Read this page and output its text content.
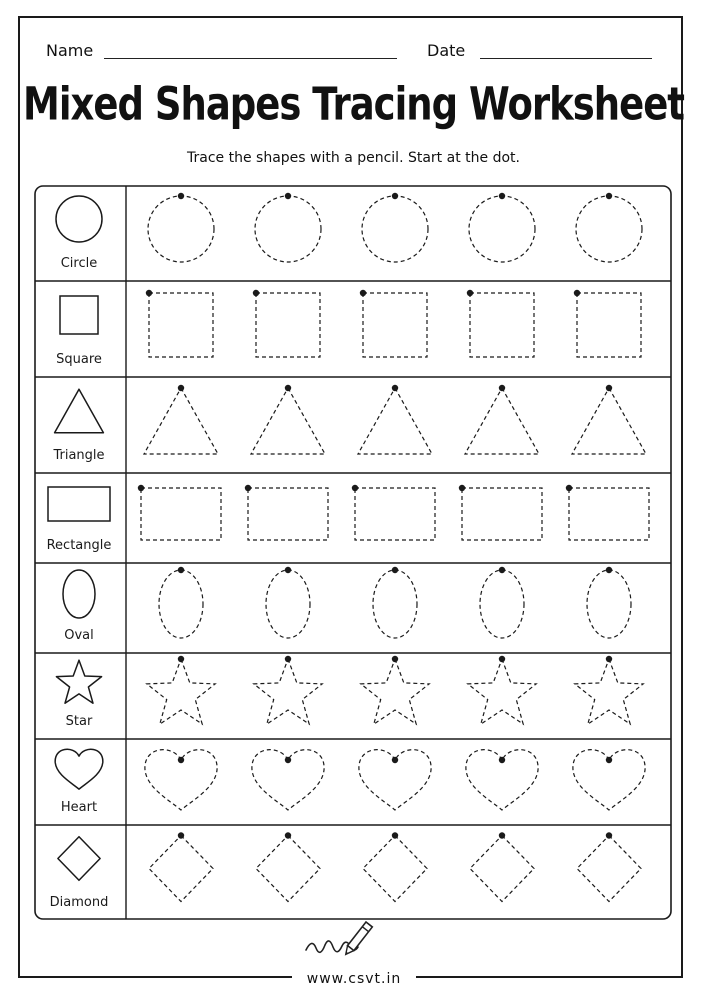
Name	Date
Mixed Shapes Tracing Worksheet
Trace the shapes with a pencil. Start at the dot.
Circle
Square
Triangle
Rectangle
Oval
Star
Heart
Diamond
www.csvt.in
